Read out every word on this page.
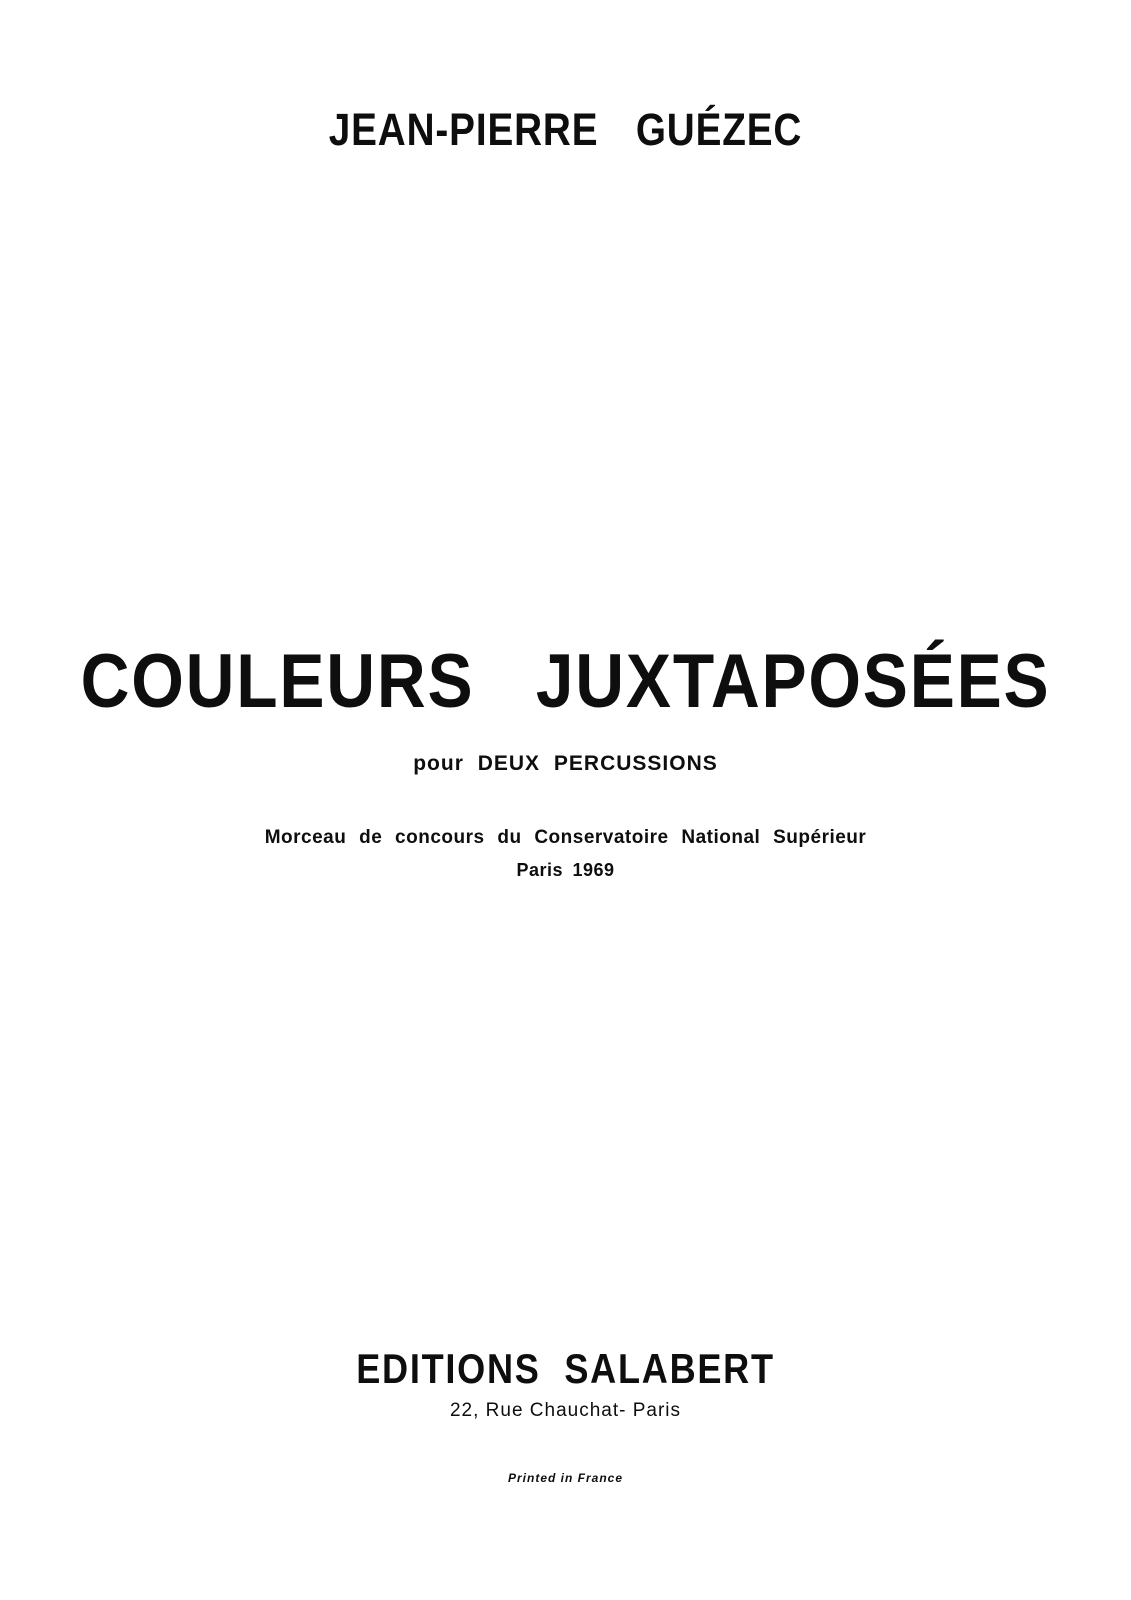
JEAN-PIERRE GUÉZEC
COULEURS JUXTAPOSÉES
pour DEUX PERCUSSIONS
Morceau de concours du Conservatoire National Supérieur
Paris 1969
EDITIONS SALABERT
22, Rue Chauchat- Paris
Printed in France
